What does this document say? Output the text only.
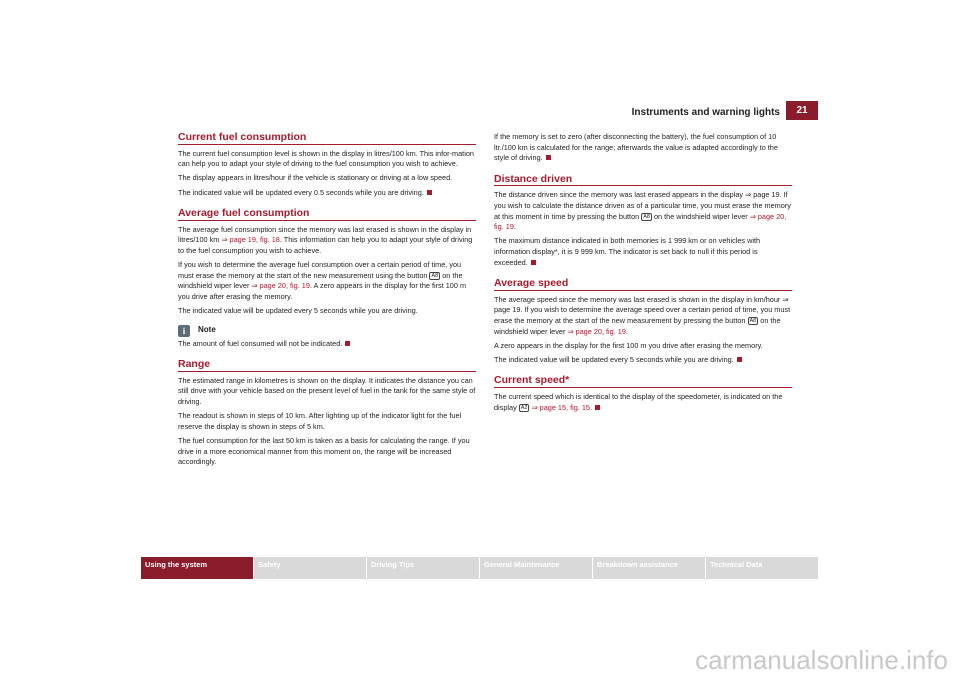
Instruments and warning lights	21
Current fuel consumption

The current fuel consumption level is shown in the display in litres/100 km. This infor-mation can help you to adapt your style of driving to the fuel consumption you wish to achieve.

The display appears in litres/hour if the vehicle is stationary or driving at a low speed.

The indicated value will be updated every 0.5 seconds while you are driving.

Average fuel consumption

The average fuel consumption since the memory was last erased is shown in the display in litres/100 km ⇒ page 19, fig. 18. This information can help you to adapt your style of driving to the fuel consumption you wish to achieve.

If you wish to determine the average fuel consumption over a certain period of time, you must erase the memory at the start of the new measurement using the button A8 on the windshield wiper lever ⇒ page 20, fig. 19. A zero appears in the display for the first 100 m you drive after erasing the memory.

The indicated value will be updated every 5 seconds while you are driving.

i	Note

The amount of fuel consumed will not be indicated.

Range

The estimated range in kilometres is shown on the display. It indicates the distance you can still drive with your vehicle based on the present level of fuel in the tank for the same style of driving.

The readout is shown in steps of 10 km. After lighting up of the indicator light for the fuel reserve the display is shown in steps of 5 km.

The fuel consumption for the last 50 km is taken as a basis for calculating the range. If you drive in a more economical manner from this moment on, the range will be increased accordingly.

If the memory is set to zero (after disconnecting the battery), the fuel consumption of 10 ltr./100 km is calculated for the range; afterwards the value is adapted accordingly to the style of driving.

Distance driven

The distance driven since the memory was last erased appears in the display ⇒ page 19. If you wish to calculate the distance driven as of a particular time, you must erase the memory at this moment in time by pressing the button A8 on the windshield wiper lever ⇒ page 20, fig. 19.

The maximum distance indicated in both memories is 1 999 km or on vehicles with information display*, it is 9 999 km. The indicator is set back to null if this period is exceeded.

Average speed

The average speed since the memory was last erased is shown in the display in km/hour ⇒ page 19. If you wish to determine the average speed over a certain period of time, you must erase the memory at the start of the new measurement by pressing the button A8 on the windshield wiper lever ⇒ page 20, fig. 19.

A zero appears in the display for the first 100 m you drive after erasing the memory.

The indicated value will be updated every 5 seconds while you are driving.

Current speed*

The current speed which is identical to the display of the speedometer, is indicated on the display A2 ⇒ page 15, fig. 15.

Using the system	Safety	Driving Tips	General Maintenance	Breakdown assistance	Technical Data
carmanualsonline.info
